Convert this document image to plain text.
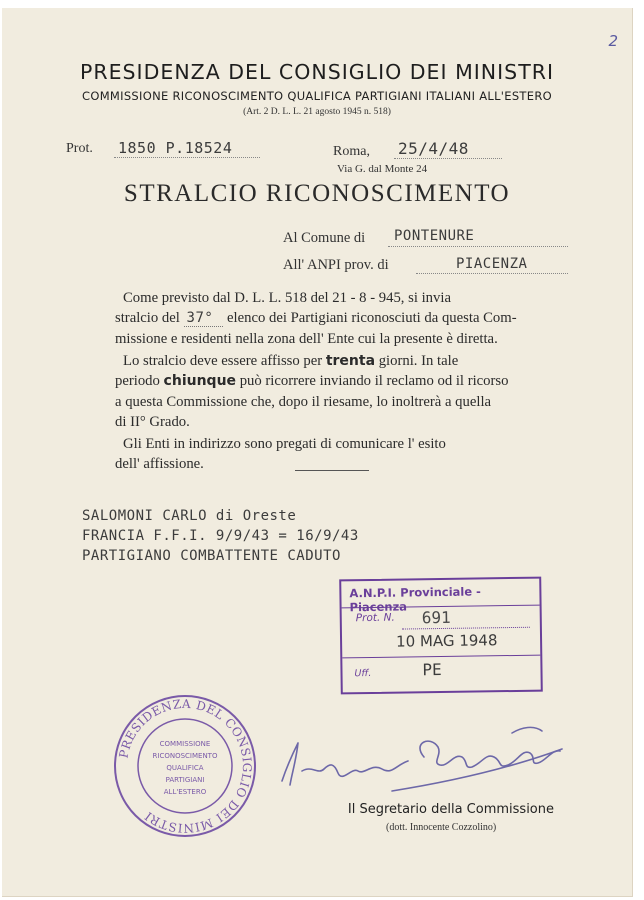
2
PRESIDENZA DEL CONSIGLIO DEI MINISTRI
COMMISSIONE RICONOSCIMENTO QUALIFICA PARTIGIANI ITALIANI ALL'ESTERO
(Art. 2 D. L. L. 21 agosto 1945 n. 518)
Prot. 1850 P.18524	Roma, 25/4/48
Via G. dal Monte 24
STRALCIO RICONOSCIMENTO
Al Comune di PONTENURE
All' ANPI prov. di	PIACENZA
Come previsto dal D. L. L. 518 del 21 - 8 - 945, si invia
stralcio del 37° elenco dei Partigiani riconosciuti da questa Com-
missione e residenti nella zona dell' Ente cui la presente è diretta.
Lo stralcio deve essere affisso per trenta giorni. In tale
periodo chiunque può ricorrere inviando il reclamo od il ricorso
a questa Commissione che, dopo il riesame, lo inoltrerà a quella
di II° Grado.
Gli Enti in indirizzo sono pregati di comunicare l' esito
dell' affissione.
SALOMONI CARLO di Oreste
FRANCIA F.F.I. 9/9/43 = 16/9/43
PARTIGIANO COMBATTENTE CADUTO
A.N.P.I. Provinciale - Piacenza
Prot. N. 691
10 MAG 1948
Uff.	PE
PRESIDENZA DEL CONSIGLIO DEI MINISTRI
COMMISSIONE
RICONOSCIMENTO
QUALIFICA
PARTIGIANI
ALL'ESTERO
Il Segretario della Commissione
(dott. Innocente Cozzolino)
